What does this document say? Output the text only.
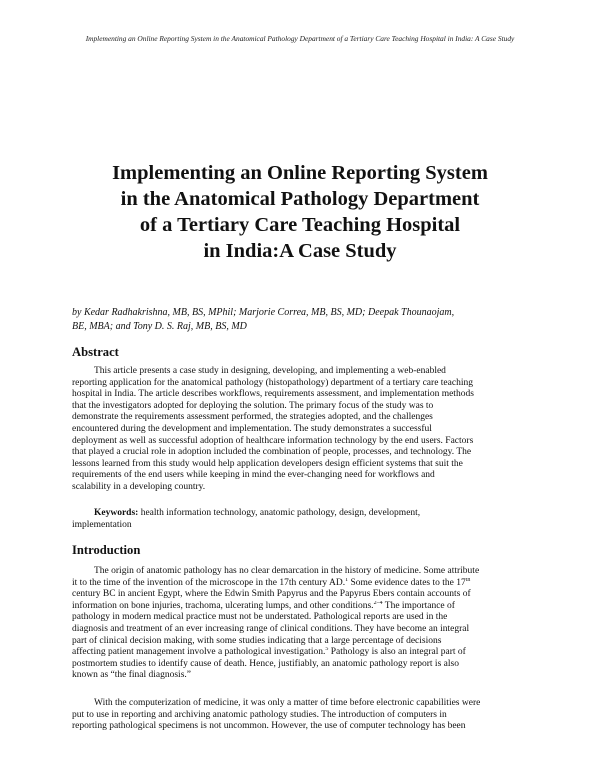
Implementing an Online Reporting System in the Anatomical Pathology Department of a Tertiary Care Teaching Hospital in India: A Case Study
Implementing an Online Reporting System
in the Anatomical Pathology Department
of a Tertiary Care Teaching Hospital
in India:A Case Study
by Kedar Radhakrishna, MB, BS, MPhil; Marjorie Correa, MB, BS, MD; Deepak Thounaojam,
BE, MBA; and Tony D. S. Raj, MB, BS, MD
Abstract
This article presents a case study in designing, developing, and implementing a web-enabled
reporting application for the anatomical pathology (histopathology) department of a tertiary care teaching
hospital in India. The article describes workflows, requirements assessment, and implementation methods
that the investigators adopted for deploying the solution. The primary focus of the study was to
demonstrate the requirements assessment performed, the strategies adopted, and the challenges
encountered during the development and implementation. The study demonstrates a successful
deployment as well as successful adoption of healthcare information technology by the end users. Factors
that played a crucial role in adoption included the combination of people, processes, and technology. The
lessons learned from this study would help application developers design efficient systems that suit the
requirements of the end users while keeping in mind the ever-changing need for workflows and
scalability in a developing country.
Keywords: health information technology, anatomic pathology, design, development,
implementation
Introduction
The origin of anatomic pathology has no clear demarcation in the history of medicine. Some attribute
it to the time of the invention of the microscope in the 17th century AD.$^1$ Some evidence dates to the 17th
century BC in ancient Egypt, where the Edwin Smith Papyrus and the Papyrus Ebers contain accounts of
information on bone injuries, trachoma, ulcerating lumps, and other conditions.$^{2-4}$ The importance of
pathology in modern medical practice must not be understated. Pathological reports are used in the
diagnosis and treatment of an ever increasing range of clinical conditions. They have become an integral
part of clinical decision making, with some studies indicating that a large percentage of decisions
affecting patient management involve a pathological investigation.$^5$ Pathology is also an integral part of
postmortem studies to identify cause of death. Hence, justifiably, an anatomic pathology report is also
known as “the final diagnosis.”
With the computerization of medicine, it was only a matter of time before electronic capabilities were
put to use in reporting and archiving anatomic pathology studies. The introduction of computers in
reporting pathological specimens is not uncommon. However, the use of computer technology has been
